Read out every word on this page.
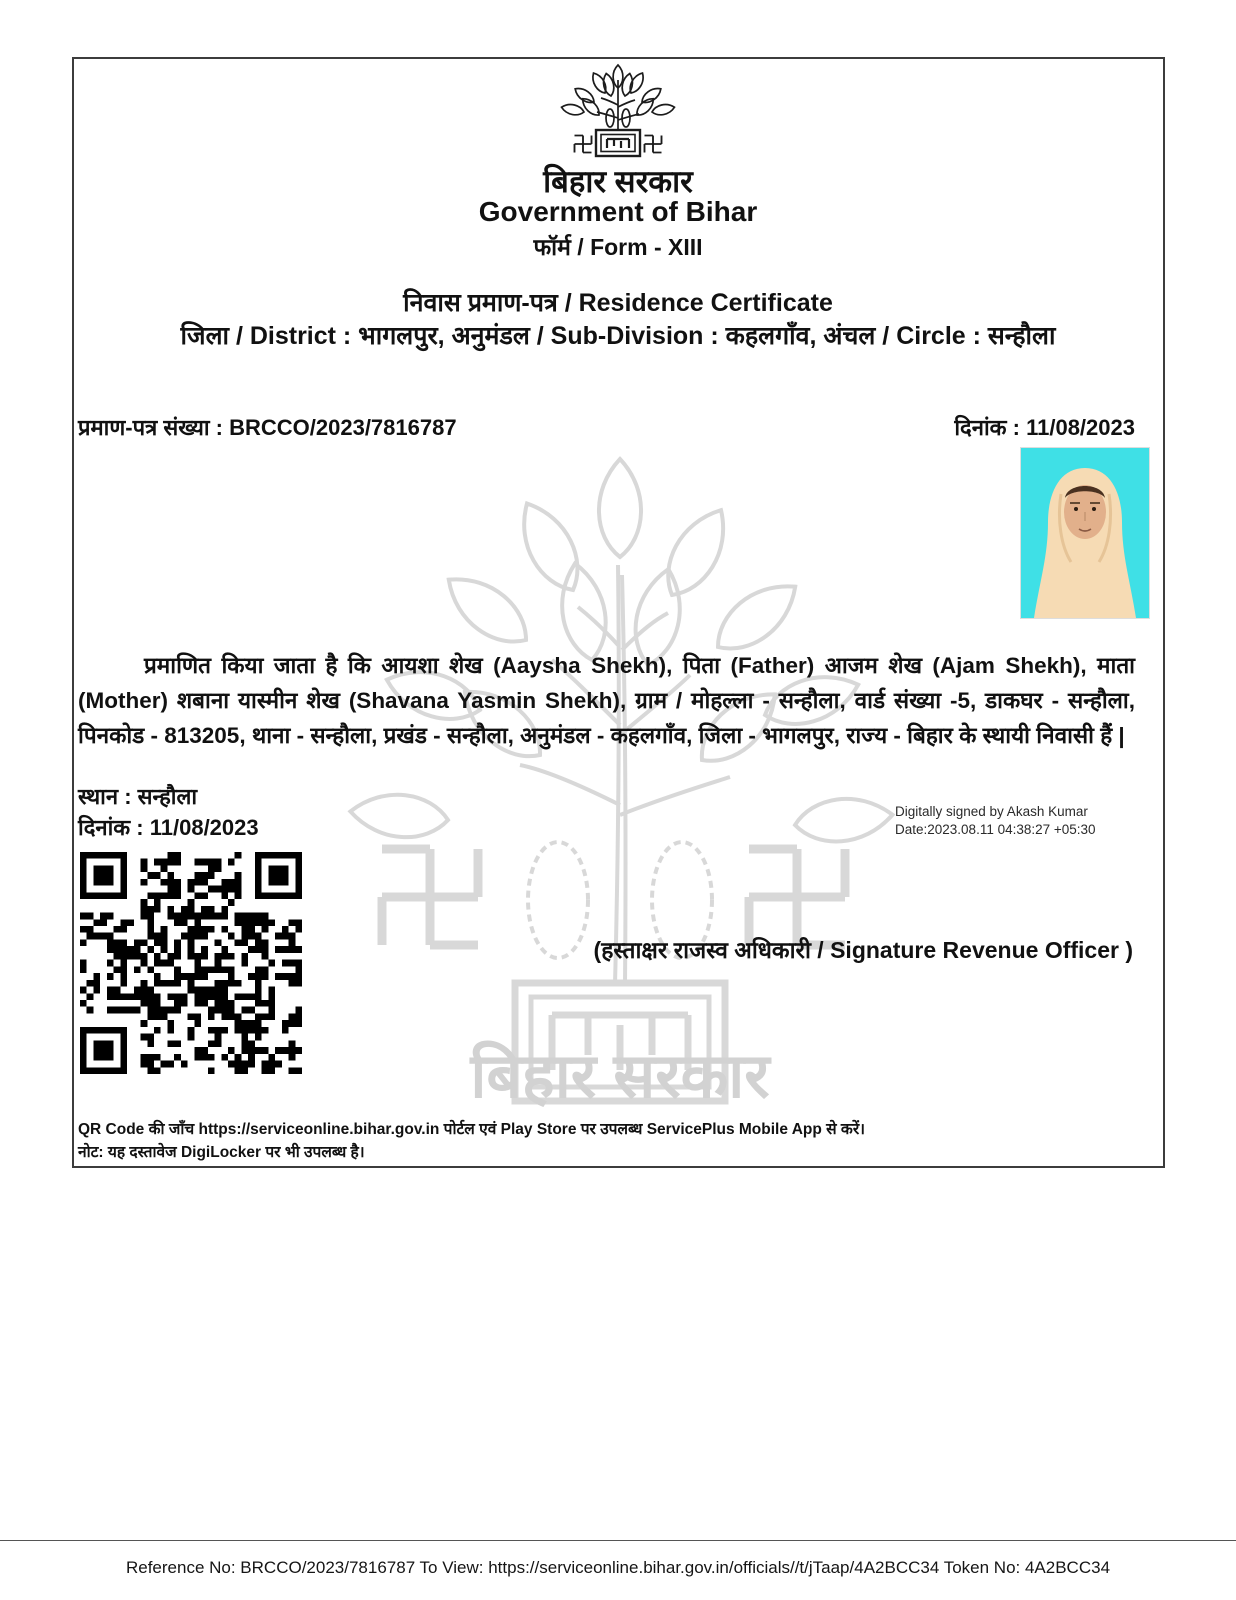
बिहार सरकार
बिहार सरकार
Government of Bihar
फॉर्म / Form - XIII
निवास प्रमाण-पत्र / Residence Certificate
जिला / District : भागलपुर, अनुमंडल / Sub-Division : कहलगाँव, अंचल / Circle : सन्हौला
प्रमाण-पत्र संख्या : BRCCO/2023/7816787	दिनांक : 11/08/2023
प्रमाणित किया जाता है कि आयशा शेख (Aaysha Shekh), पिता (Father) आजम शेख (Ajam Shekh), माता (Mother) शबाना यास्मीन शेख (Shavana Yasmin Shekh), ग्राम / मोहल्ला - सन्हौला, वार्ड संख्या -5, डाकघर - सन्हौला, पिनकोड - 813205, थाना - सन्हौला, प्रखंड - सन्हौला, अनुमंडल - कहलगाँव, जिला - भागलपुर, राज्य - बिहार के स्थायी निवासी हैं |
स्थान : सन्हौला
दिनांक : 11/08/2023
Digitally signed by Akash Kumar
Date:2023.08.11 04:38:27 +05:30
(हस्ताक्षर राजस्व अधिकारी / Signature Revenue Officer )
QR Code की जाँच https://serviceonline.bihar.gov.in पोर्टल एवं Play Store पर उपलब्ध ServicePlus Mobile App से करें।
नोट: यह दस्तावेज DigiLocker पर भी उपलब्ध है।
Reference No: BRCCO/2023/7816787 To View: https://serviceonline.bihar.gov.in/officials//t/jTaap/4A2BCC34 Token No: 4A2BCC34
